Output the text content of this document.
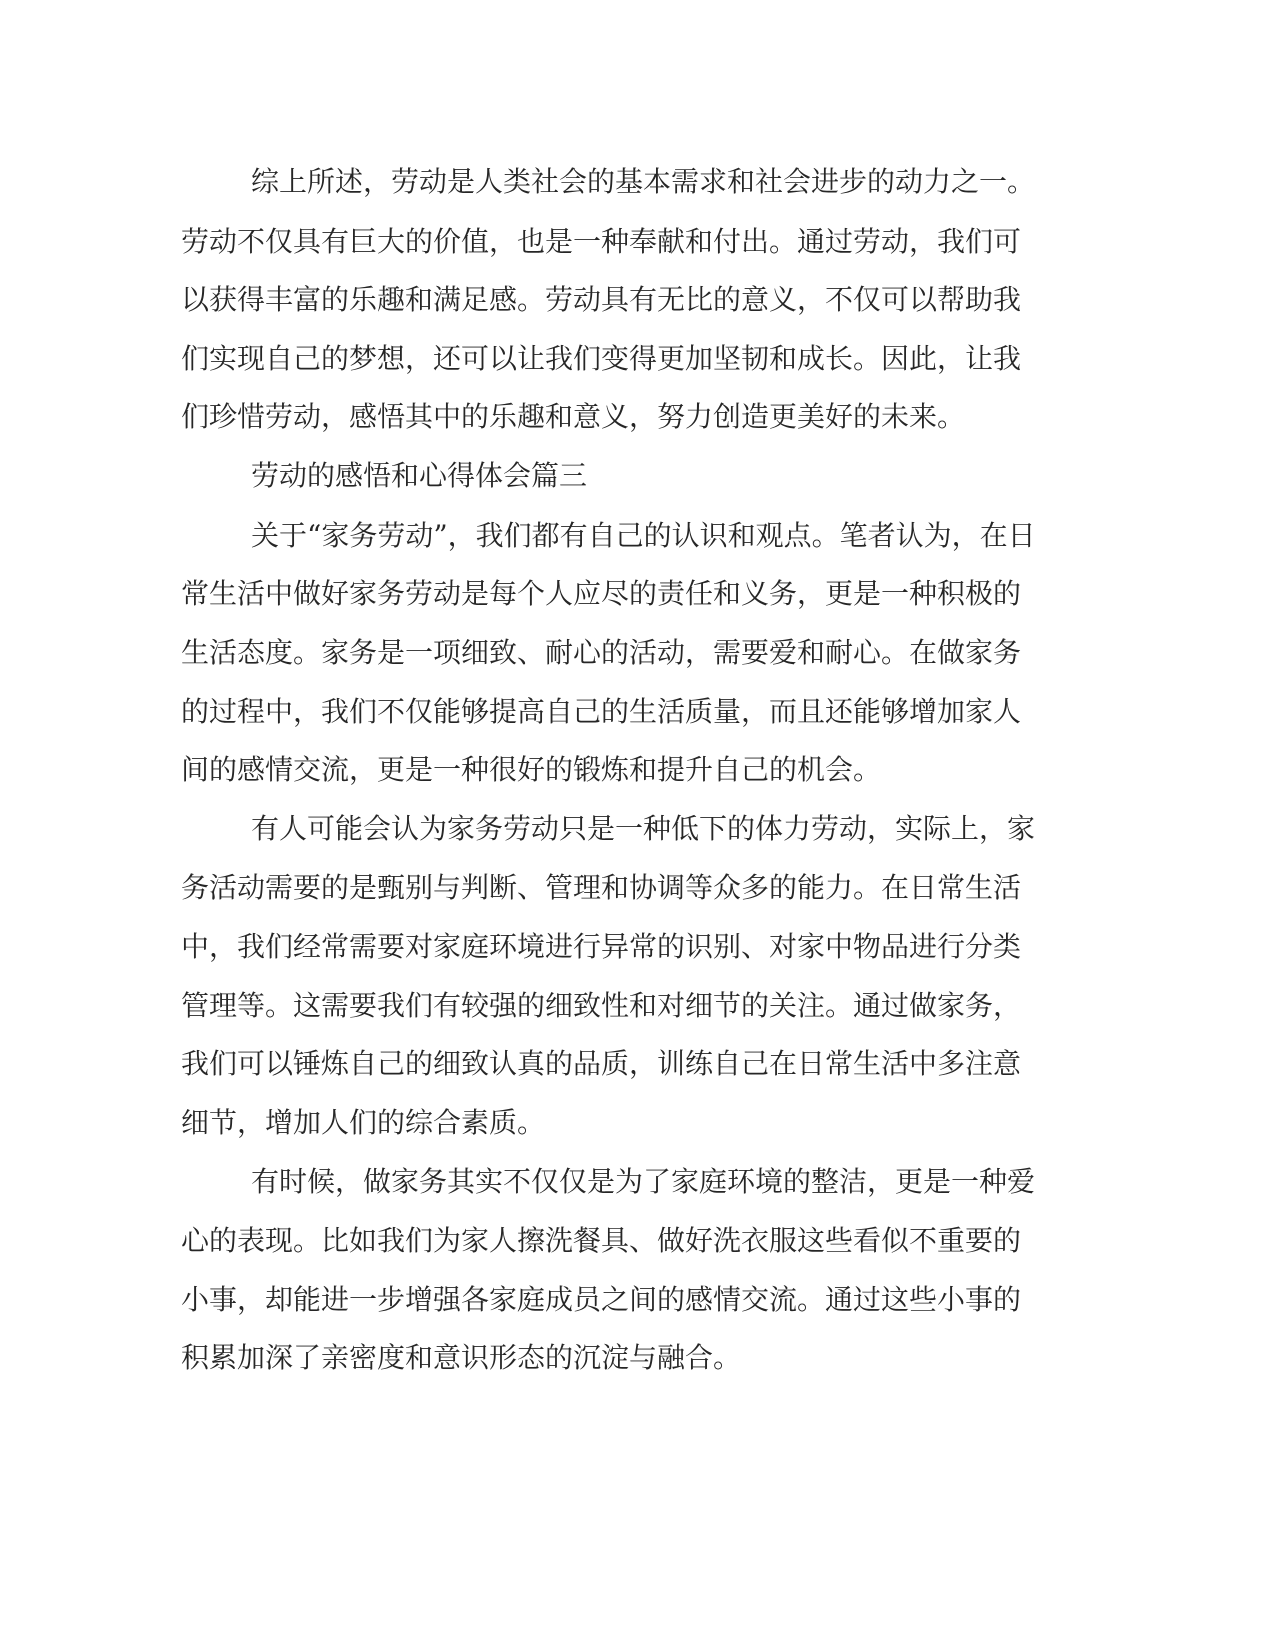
综上所述，劳动是人类社会的基本需求和社会进步的动力之一。

劳动不仅具有巨大的价值，也是一种奉献和付出。通过劳动，我们可

以获得丰富的乐趣和满足感。劳动具有无比的意义，不仅可以帮助我

们实现自己的梦想，还可以让我们变得更加坚韧和成长。因此，让我

们珍惜劳动，感悟其中的乐趣和意义，努力创造更美好的未来。

劳动的感悟和心得体会篇三

关于“家务劳动”，我们都有自己的认识和观点。笔者认为，在日

常生活中做好家务劳动是每个人应尽的责任和义务，更是一种积极的

生活态度。家务是一项细致、耐心的活动，需要爱和耐心。在做家务

的过程中，我们不仅能够提高自己的生活质量，而且还能够增加家人

间的感情交流，更是一种很好的锻炼和提升自己的机会。

有人可能会认为家务劳动只是一种低下的体力劳动，实际上，家

务活动需要的是甄别与判断、管理和协调等众多的能力。在日常生活

中，我们经常需要对家庭环境进行异常的识别、对家中物品进行分类

管理等。这需要我们有较强的细致性和对细节的关注。通过做家务，

我们可以锤炼自己的细致认真的品质，训练自己在日常生活中多注意

细节，增加人们的综合素质。

有时候，做家务其实不仅仅是为了家庭环境的整洁，更是一种爱

心的表现。比如我们为家人擦洗餐具、做好洗衣服这些看似不重要的

小事，却能进一步增强各家庭成员之间的感情交流。通过这些小事的

积累加深了亲密度和意识形态的沉淀与融合。
